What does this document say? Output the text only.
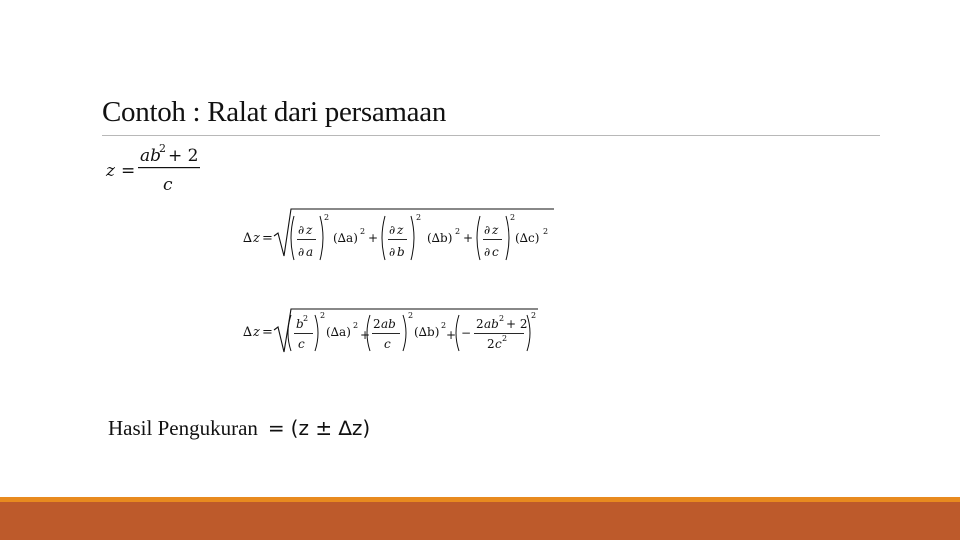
Contoh : Ralat dari persamaan
z =
ab
2 + 2
c
∆ z =
∂ z
∂ a
2
(∆a) 2 +
∂ z
∂ b
2
(∆b) 2 +
∂ z
∂ c
2
(∆c) 2
∆ z =
b 2
c
2
(∆a) 2
+
2 ab
c
2
(∆b) 2
+ −
2 ab 2 + 2
2 c 2
2
Hasil Pengukuran = (z ± ∆z)
